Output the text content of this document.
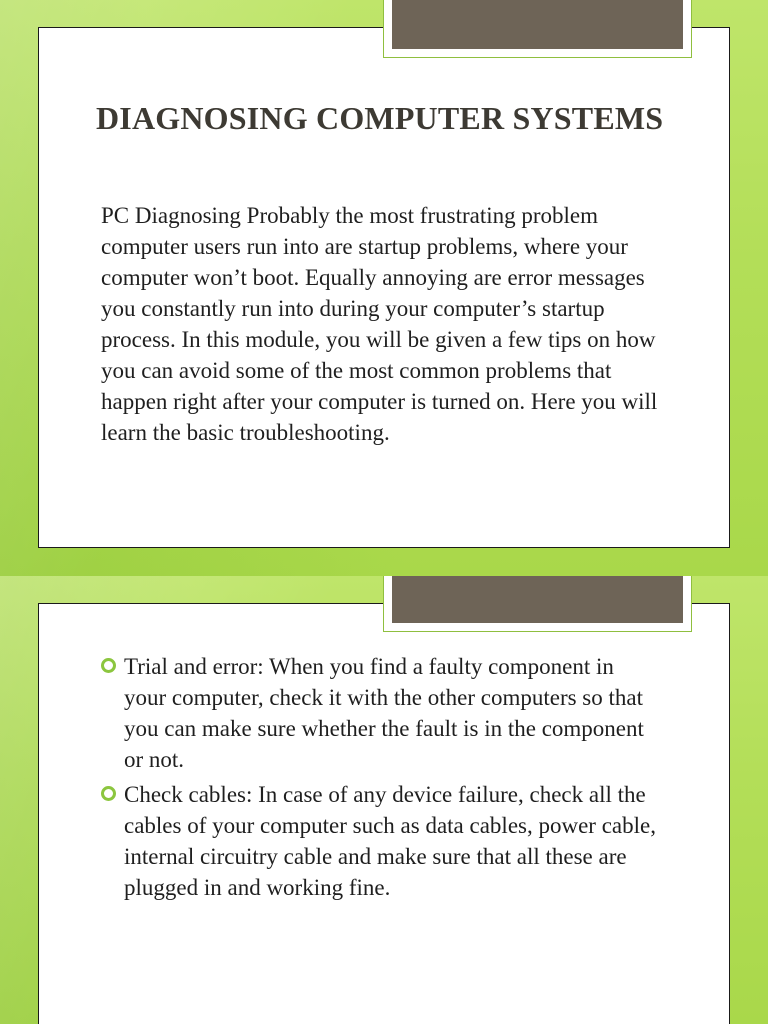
DIAGNOSING COMPUTER SYSTEMS

PC Diagnosing Probably the most frustrating problem computer users run into are startup problems, where your computer won’t boot. Equally annoying are error messages you constantly run into during your computer’s startup process. In this module, you will be given a few tips on how you can avoid some of the most common problems that happen right after your computer is turned on. Here you will learn the basic troubleshooting.

Trial and error: When you find a faulty component in your computer, check it with the other computers so that you can make sure whether the fault is in the component or not.
Check cables: In case of any device failure, check all the cables of your computer such as data cables, power cable, internal circuitry cable and make sure that all these are plugged in and working fine.
